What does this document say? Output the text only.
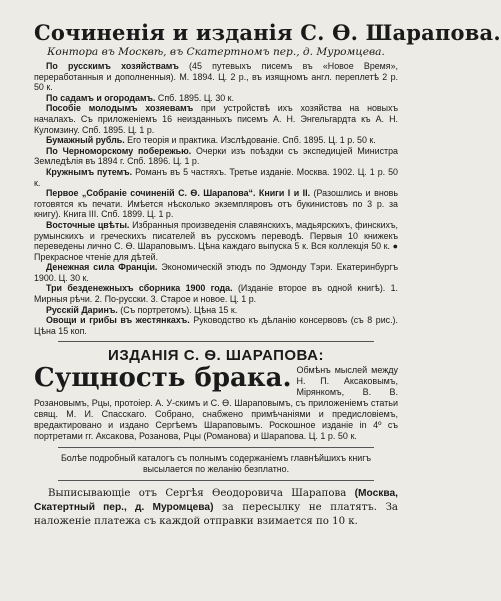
Сочиненія и изданія С. Ѳ. Шарапова.

Контора въ Москвѣ, въ Скатертномъ пер., д. Муромцева.

По русскимъ хозяйствамъ (45 путевыхъ писемъ въ «Новое Время», переработанныя и дополненныя). М. 1894. Ц. 2 р., въ изящномъ англ. переплетѣ 2 р. 50 к.

По садамъ и огородамъ. Спб. 1895. Ц. 30 к.

Пособіе молодымъ хозяевамъ при устройствѣ ихъ хозяйства на новыхъ началахъ. Съ приложеніемъ 16 неизданныхъ писемъ А. Н. Энгельгардта къ А. Н. Куломзину. Спб. 1895. Ц. 1 р.

Бумажный рубль. Его теорія и практика. Изслѣдованіе. Спб. 1895. Ц. 1 р. 50 к.

По Черноморскому побережью. Очерки изъ поѣздки съ экспедиціей Министра Земледѣлія въ 1894 г. Спб. 1896. Ц. 1 р.

Кружнымъ путемъ. Романъ въ 5 частяхъ. Третье изданіе. Москва. 1902. Ц. 1 р. 50 к.

Первое „Собраніе сочиненій С. Ѳ. Шарапова“. Книги I и II. (Разошлись и вновь готовятся къ печати. Имѣется нѣсколько экземпляровъ отъ букинистовъ по 3 р. за книгу). Книга III. Спб. 1899. Ц. 1 р.

Восточные цвѣты. Избранныя произведенія славянскихъ, мадьярскихъ, финскихъ, румынскихъ и греческихъ писателей въ русскомъ переводѣ. Первыя 10 книжекъ переведены лично С. Ѳ. Шараповымъ. Цѣна каждаго выпуска 5 к. Вся коллекція 50 к. ● Прекрасное чтеніе для дѣтей.

Денежная сила Франціи. Экономическій этюдъ по Эдмонду Тэри. Екатеринбургъ 1900. Ц. 30 к.

Три безденежныхъ сборника 1900 года. (Изданіе второе въ одной книгѣ). 1. Мирныя рѣчи. 2. По-русски. 3. Старое и новое. Ц. 1 р.

Русскій Даринъ. (Съ портретомъ). Цѣна 15 к.

Овощи и грибы въ жестянкахъ. Руководство къ дѣланію консервовъ (съ 8 рис.). Цѣна 15 коп.

ИЗДАНІЯ С. Ѳ. ШАРАПОВА:
Сущность брака. Обмѣнъ мыслей между Н. П. Аксаковымъ, Мірянкомъ, В. В. Розановымъ, Рцы, протоіер. А. У-скимъ и С. Ѳ. Шараповымъ, съ приложеніемъ статьи свящ. М. И. Спасскаго. Собрано, снабжено примѣчаніями и предисловіемъ, вредактировано и издано Сергѣемъ Шараповымъ. Роскошное изданіе in 4º съ портретами гг. Аксакова, Розанова, Рцы (Романова) и Шарапова. Ц. 1 р. 50 к.

Болѣе подробный каталогъ съ полнымъ содержаніемъ главнѣйшихъ книгъ высылается по желанію безплатно.

Выписывающіе отъ Сергѣя Ѳеодоровича Шарапова (Москва, Скатертный пер., д. Муромцева) за пересылку не платятъ. За наложеніе платежа съ каждой отправки взимается по 10 к.
